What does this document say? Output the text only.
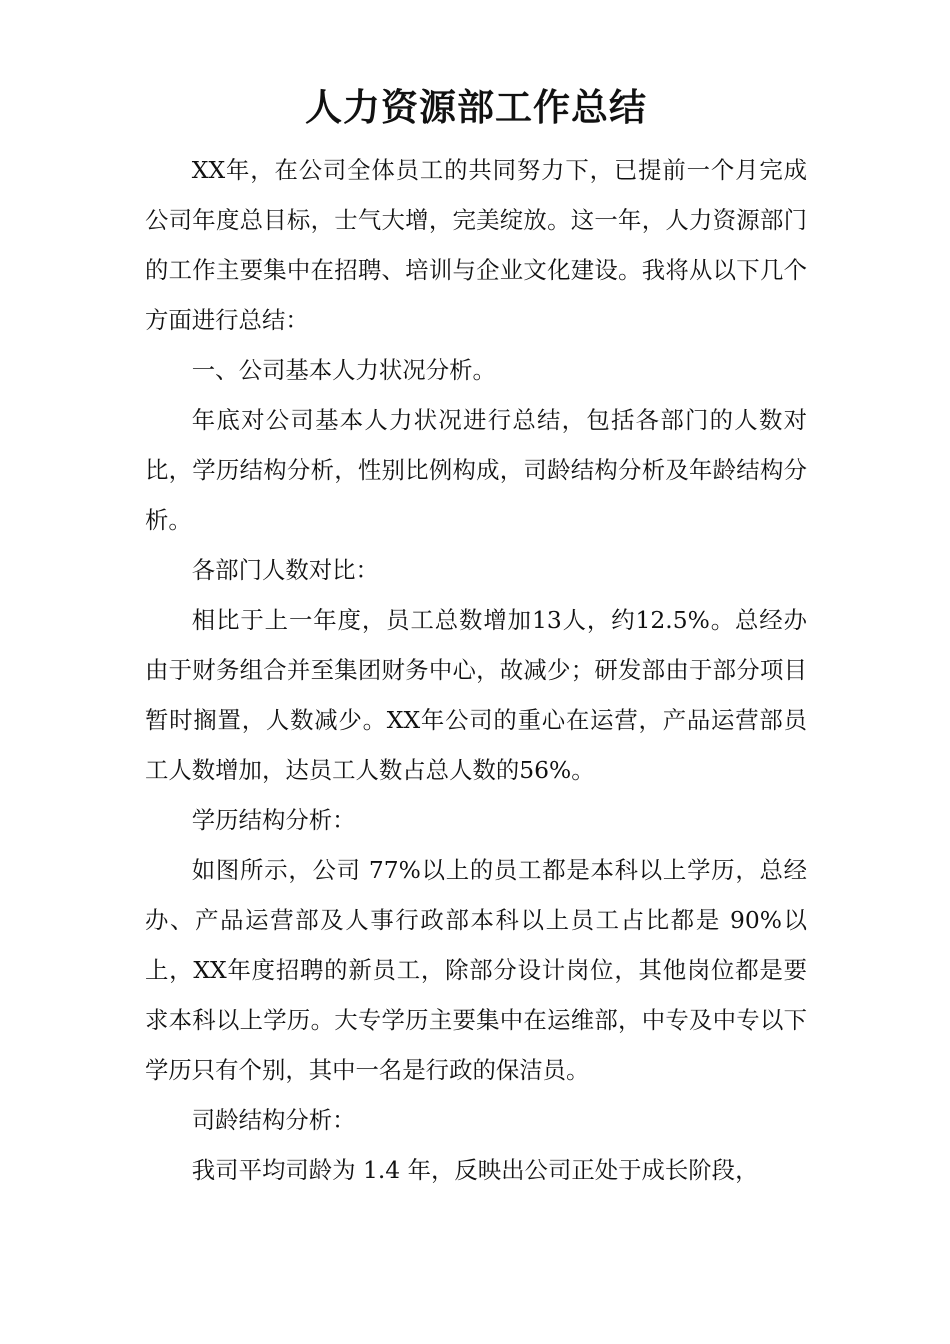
人力资源部工作总结

XX年，在公司全体员工的共同努力下，已提前一个月完成公司年度总目标，士气大增，完美绽放。这一年，人力资源部门的工作主要集中在招聘、培训与企业文化建设。我将从以下几个方面进行总结：

一、公司基本人力状况分析。

年底对公司基本人力状况进行总结，包括各部门的人数对比，学历结构分析，性别比例构成，司龄结构分析及年龄结构分析。

各部门人数对比：

相比于上一年度，员工总数增加13人，约12.5%。总经办由于财务组合并至集团财务中心，故减少；研发部由于部分项目暂时搁置，人数减少。XX年公司的重心在运营，产品运营部员工人数增加，达员工人数占总人数的56%。

学历结构分析：

如图所示，公司 77%以上的员工都是本科以上学历，总经办、产品运营部及人事行政部本科以上员工占比都是 90%以上，XX年度招聘的新员工，除部分设计岗位，其他岗位都是要求本科以上学历。大专学历主要集中在运维部，中专及中专以下学历只有个别，其中一名是行政的保洁员。

司龄结构分析：

我司平均司龄为 1.4 年，反映出公司正处于成长阶段，
